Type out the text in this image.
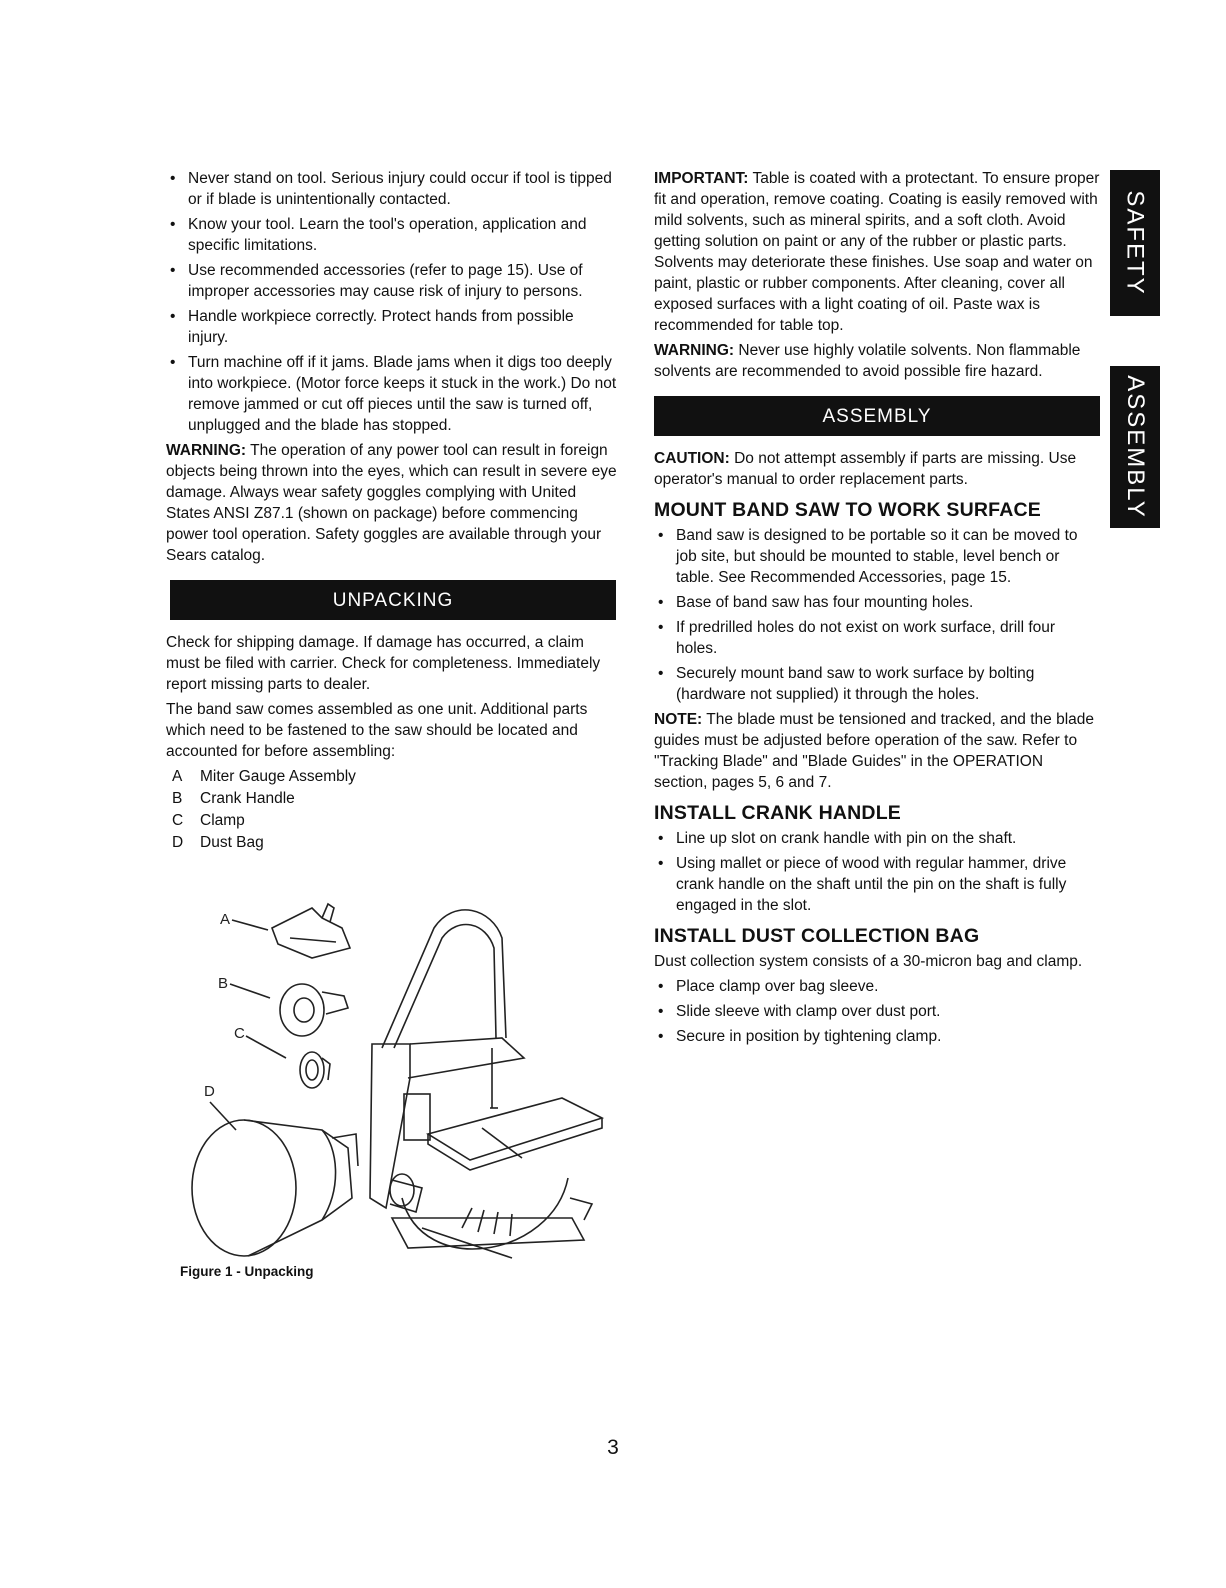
• Never stand on tool. Serious injury could occur if tool is tipped or if blade is unintentionally contacted.
• Know your tool. Learn the tool's operation, application and specific limitations.
• Use recommended accessories (refer to page 15). Use of improper accessories may cause risk of injury to persons.
• Handle workpiece correctly. Protect hands from possible injury.
• Turn machine off if it jams. Blade jams when it digs too deeply into workpiece. (Motor force keeps it stuck in the work.) Do not remove jammed or cut off pieces until the saw is turned off, unplugged and the blade has stopped.

WARNING: The operation of any power tool can result in foreign objects being thrown into the eyes, which can result in severe eye damage. Always wear safety goggles complying with United States ANSI Z87.1 (shown on package) before commencing power tool operation. Safety goggles are available through your Sears catalog.

UNPACKING

Check for shipping damage. If damage has occurred, a claim must be filed with carrier. Check for completeness. Immediately report missing parts to dealer.

The band saw comes assembled as one unit. Additional parts which need to be fastened to the saw should be located and accounted for before assembling:

A	Miter Gauge Assembly
B	Crank Handle
C	Clamp
D	Dust Bag
A
B
C
D
Figure 1 - Unpacking

IMPORTANT: Table is coated with a protectant. To ensure proper fit and operation, remove coating. Coating is easily removed with mild solvents, such as mineral spirits, and a soft cloth. Avoid getting solution on paint or any of the rubber or plastic parts. Solvents may deteriorate these finishes. Use soap and water on paint, plastic or rubber components. After cleaning, cover all exposed surfaces with a light coating of oil. Paste wax is recommended for table top.

WARNING: Never use highly volatile solvents. Non flammable solvents are recommended to avoid possible fire hazard.

ASSEMBLY

CAUTION: Do not attempt assembly if parts are missing. Use operator's manual to order replacement parts.

MOUNT BAND SAW TO WORK SURFACE
• Band saw is designed to be portable so it can be moved to job site, but should be mounted to stable, level bench or table. See Recommended Accessories, page 15.
• Base of band saw has four mounting holes.
• If predrilled holes do not exist on work surface, drill four holes.
• Securely mount band saw to work surface by bolting (hardware not supplied) it through the holes.

NOTE: The blade must be tensioned and tracked, and the blade guides must be adjusted before operation of the saw. Refer to "Tracking Blade" and "Blade Guides" in the OPERATION section, pages 5, 6 and 7.

INSTALL CRANK HANDLE
• Line up slot on crank handle with pin on the shaft.
• Using mallet or piece of wood with regular hammer, drive crank handle on the shaft until the pin on the shaft is fully engaged in the slot.
INSTALL DUST COLLECTION BAG

Dust collection system consists of a 30-micron bag and clamp.

• Place clamp over bag sleeve.
• Slide sleeve with clamp over dust port.
• Secure in position by tightening clamp.
SAFETY
ASSEMBLY
3
